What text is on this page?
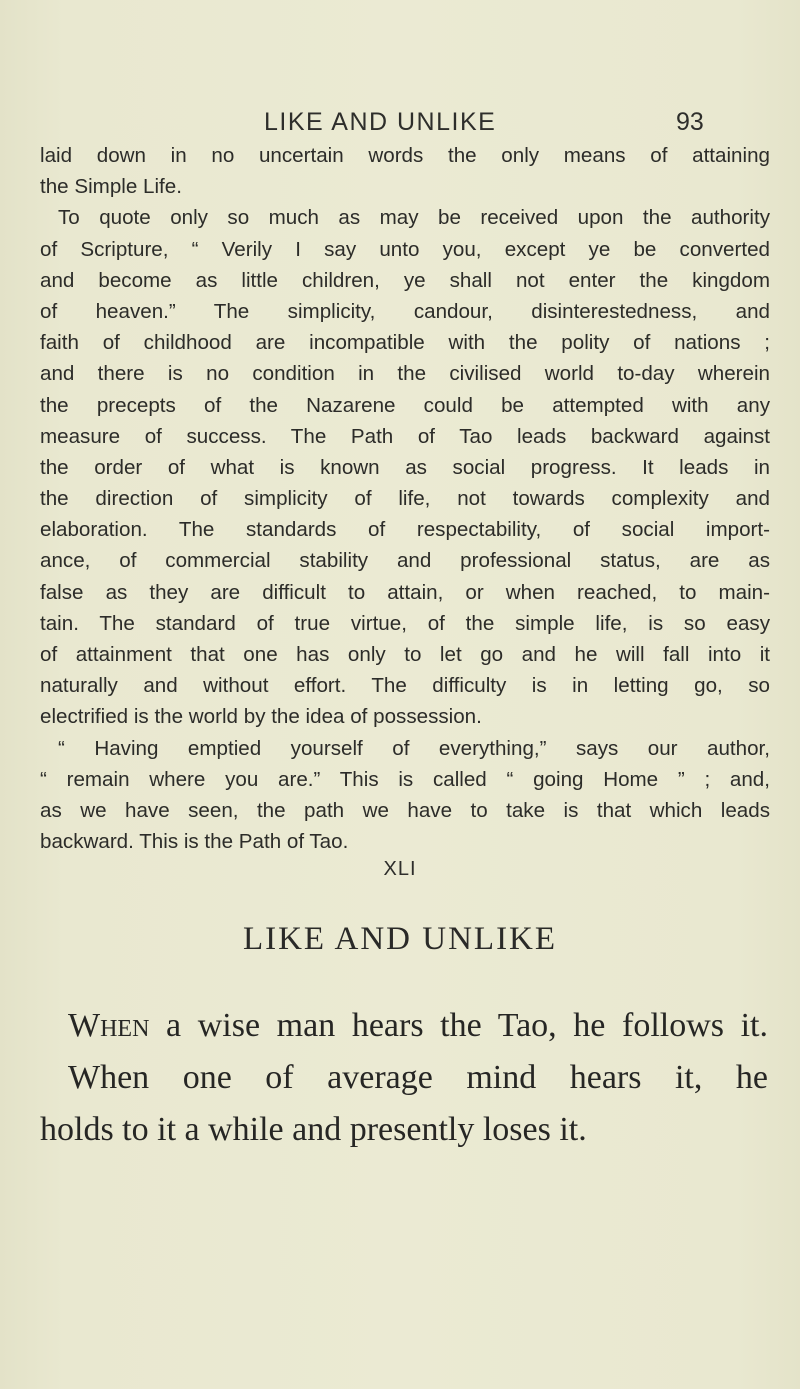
LIKE AND UNLIKE	93
laid down in no uncertain words the only means of attaining
the Simple Life.
To quote only so much as may be received upon the authority
of Scripture, “ Verily I say unto you, except ye be converted
and become as little children, ye shall not enter the kingdom
of heaven.” The simplicity, candour, disinterestedness, and
faith of childhood are incompatible with the polity of nations ;
and there is no condition in the civilised world to-day wherein
the precepts of the Nazarene could be attempted with any
measure of success. The Path of Tao leads backward against
the order of what is known as social progress. It leads in
the direction of simplicity of life, not towards complexity and
elaboration. The standards of respectability, of social import-
ance, of commercial stability and professional status, are as
false as they are difficult to attain, or when reached, to main-
tain. The standard of true virtue, of the simple life, is so easy
of attainment that one has only to let go and he will fall into it
naturally and without effort. The difficulty is in letting go, so
electrified is the world by the idea of possession.
“ Having emptied yourself of everything,” says our author,
“ remain where you are.” This is called “ going Home ” ; and,
as we have seen, the path we have to take is that which leads
backward. This is the Path of Tao.
XLI
LIKE AND UNLIKE
When a wise man hears the Tao, he follows it.
When one of average mind hears it, he
holds to it a while and presently loses it.
